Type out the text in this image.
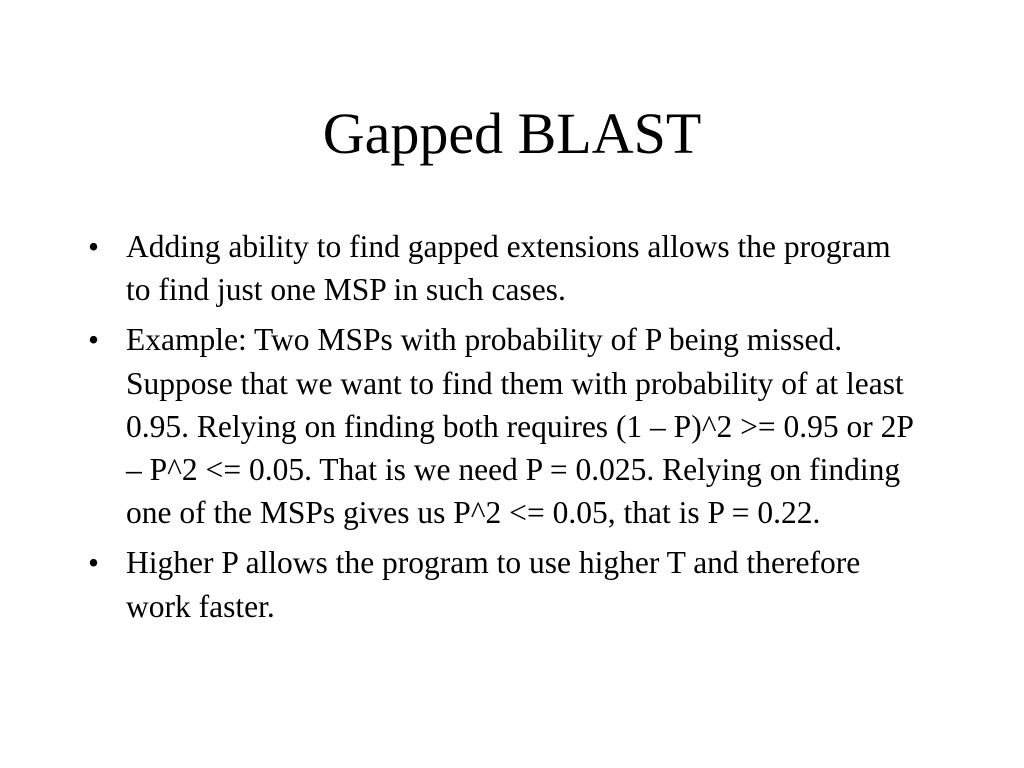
Gapped BLAST
• Adding ability to find gapped extensions allows the program to find just one MSP in such cases.
• Example: Two MSPs with probability of P being missed. Suppose that we want to find them with probability of at least 0.95. Relying on finding both requires (1 – P)^2 >= 0.95 or 2P – P^2 <= 0.05. That is we need P = 0.025. Relying on finding one of the MSPs gives us P^2 <= 0.05, that is P = 0.22.
• Higher P allows the program to use higher T and therefore work faster.
